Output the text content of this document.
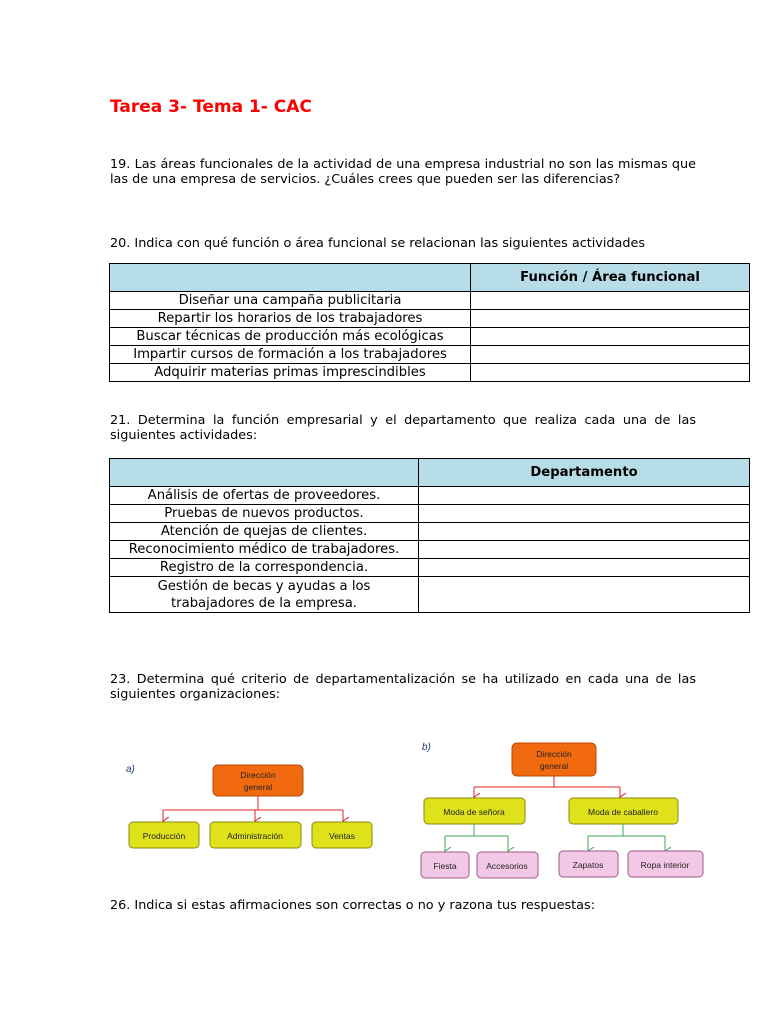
Tarea 3- Tema 1- CAC

19. Las áreas funcionales de la actividad de una empresa industrial no son las mismas que las de una empresa de servicios. ¿Cuáles crees que pueden ser las diferencias?

20. Indica con qué función o área funcional se relacionan las siguientes actividades

	Función / Área funcional
Diseñar una campaña publicitaria	
Repartir los horarios de los trabajadores	
Buscar técnicas de producción más ecológicas	
Impartir cursos de formación a los trabajadores	
Adquirir materias primas imprescindibles	

21. Determina la función empresarial y el departamento que realiza cada una de las siguientes actividades:

	Departamento
Análisis de ofertas de proveedores.	
Pruebas de nuevos productos.	
Atención de quejas de clientes.	
Reconocimiento médico de trabajadores.	
Registro de la correspondencia.	
Gestión de becas y ayudas a los trabajadores de la empresa.	

23. Determina qué criterio de departamentalización se ha utilizado en cada una de las siguientes organizaciones:

a)	Dirección
general
Producción	Administración	Ventas
b)
Dirección
general
Moda de señora	Moda de caballero
Fiesta	Accesorios	Zapatos	Ropa interior

26. Indica si estas afirmaciones son correctas o no y razona tus respuestas:
